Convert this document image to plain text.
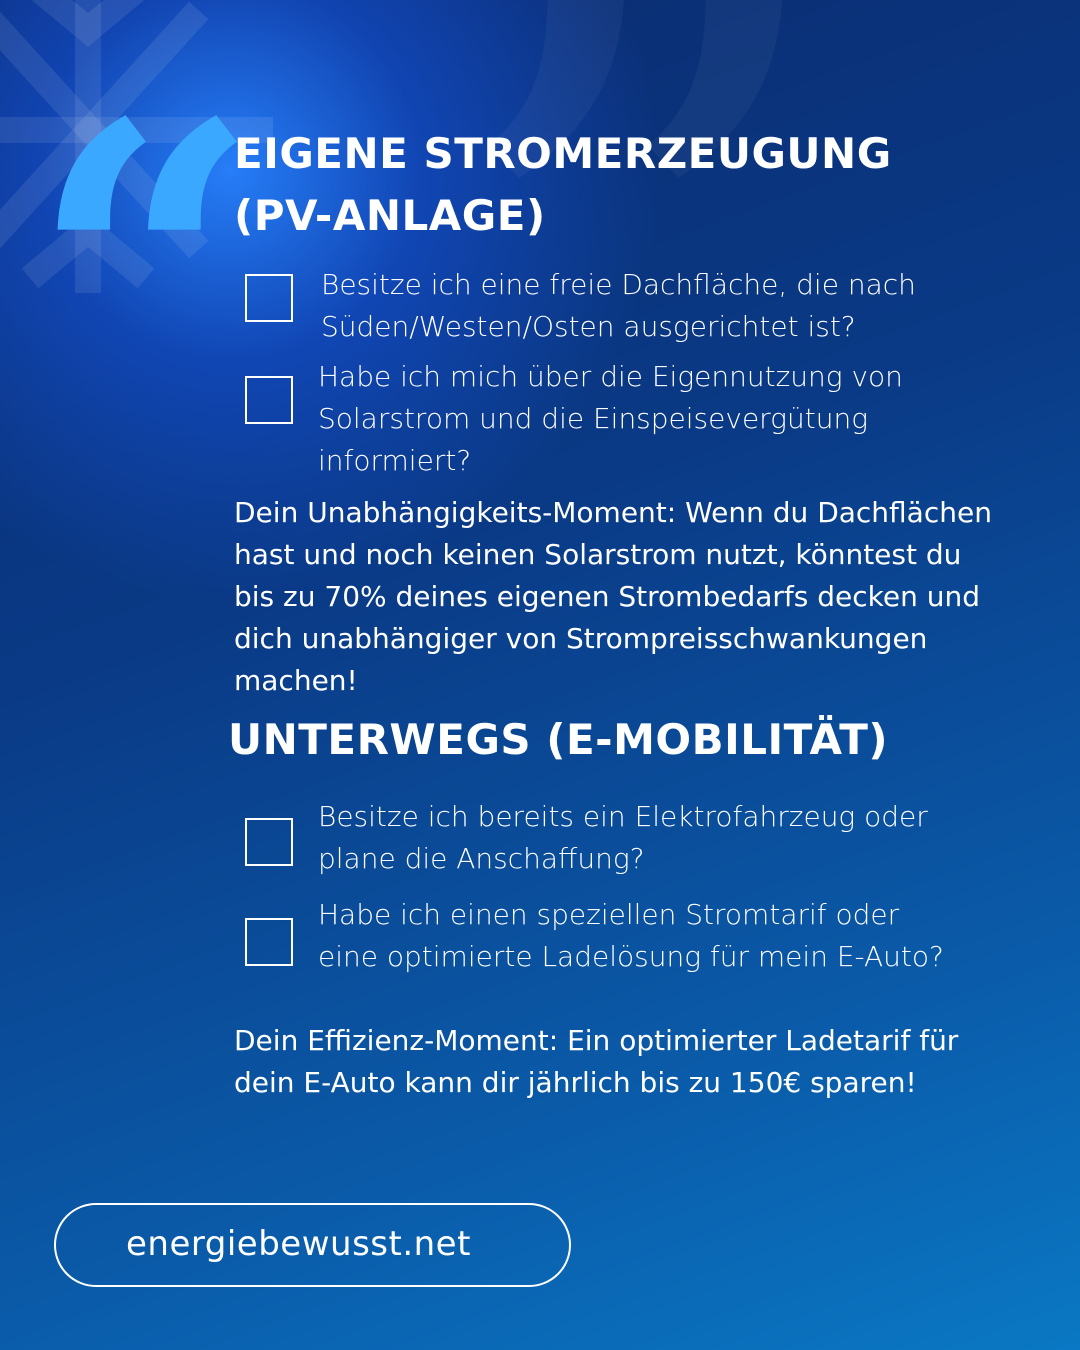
“ EIGENE STROMERZEUGUNG
(PV-ANLAGE)
Besitze ich eine freie Dachfläche, die nach
Süden/Westen/Osten ausgerichtet ist?
Habe ich mich über die Eigennutzung von
Solarstrom und die Einspeisevergütung
informiert?

Dein Unabhängigkeits-Moment: Wenn du Dachflächen
hast und noch keinen Solarstrom nutzt, könntest du
bis zu 70% deines eigenen Strombedarfs decken und
dich unabhängiger von Strompreisschwankungen
machen!

UNTERWEGS (E-MOBILITÄT)
Besitze ich bereits ein Elektrofahrzeug oder
plane die Anschaffung?
Habe ich einen speziellen Stromtarif oder
eine optimierte Ladelösung für mein E-Auto?

Dein Effizienz-Moment: Ein optimierter Ladetarif für
dein E-Auto kann dir jährlich bis zu 150€ sparen!

energiebewusst.net
